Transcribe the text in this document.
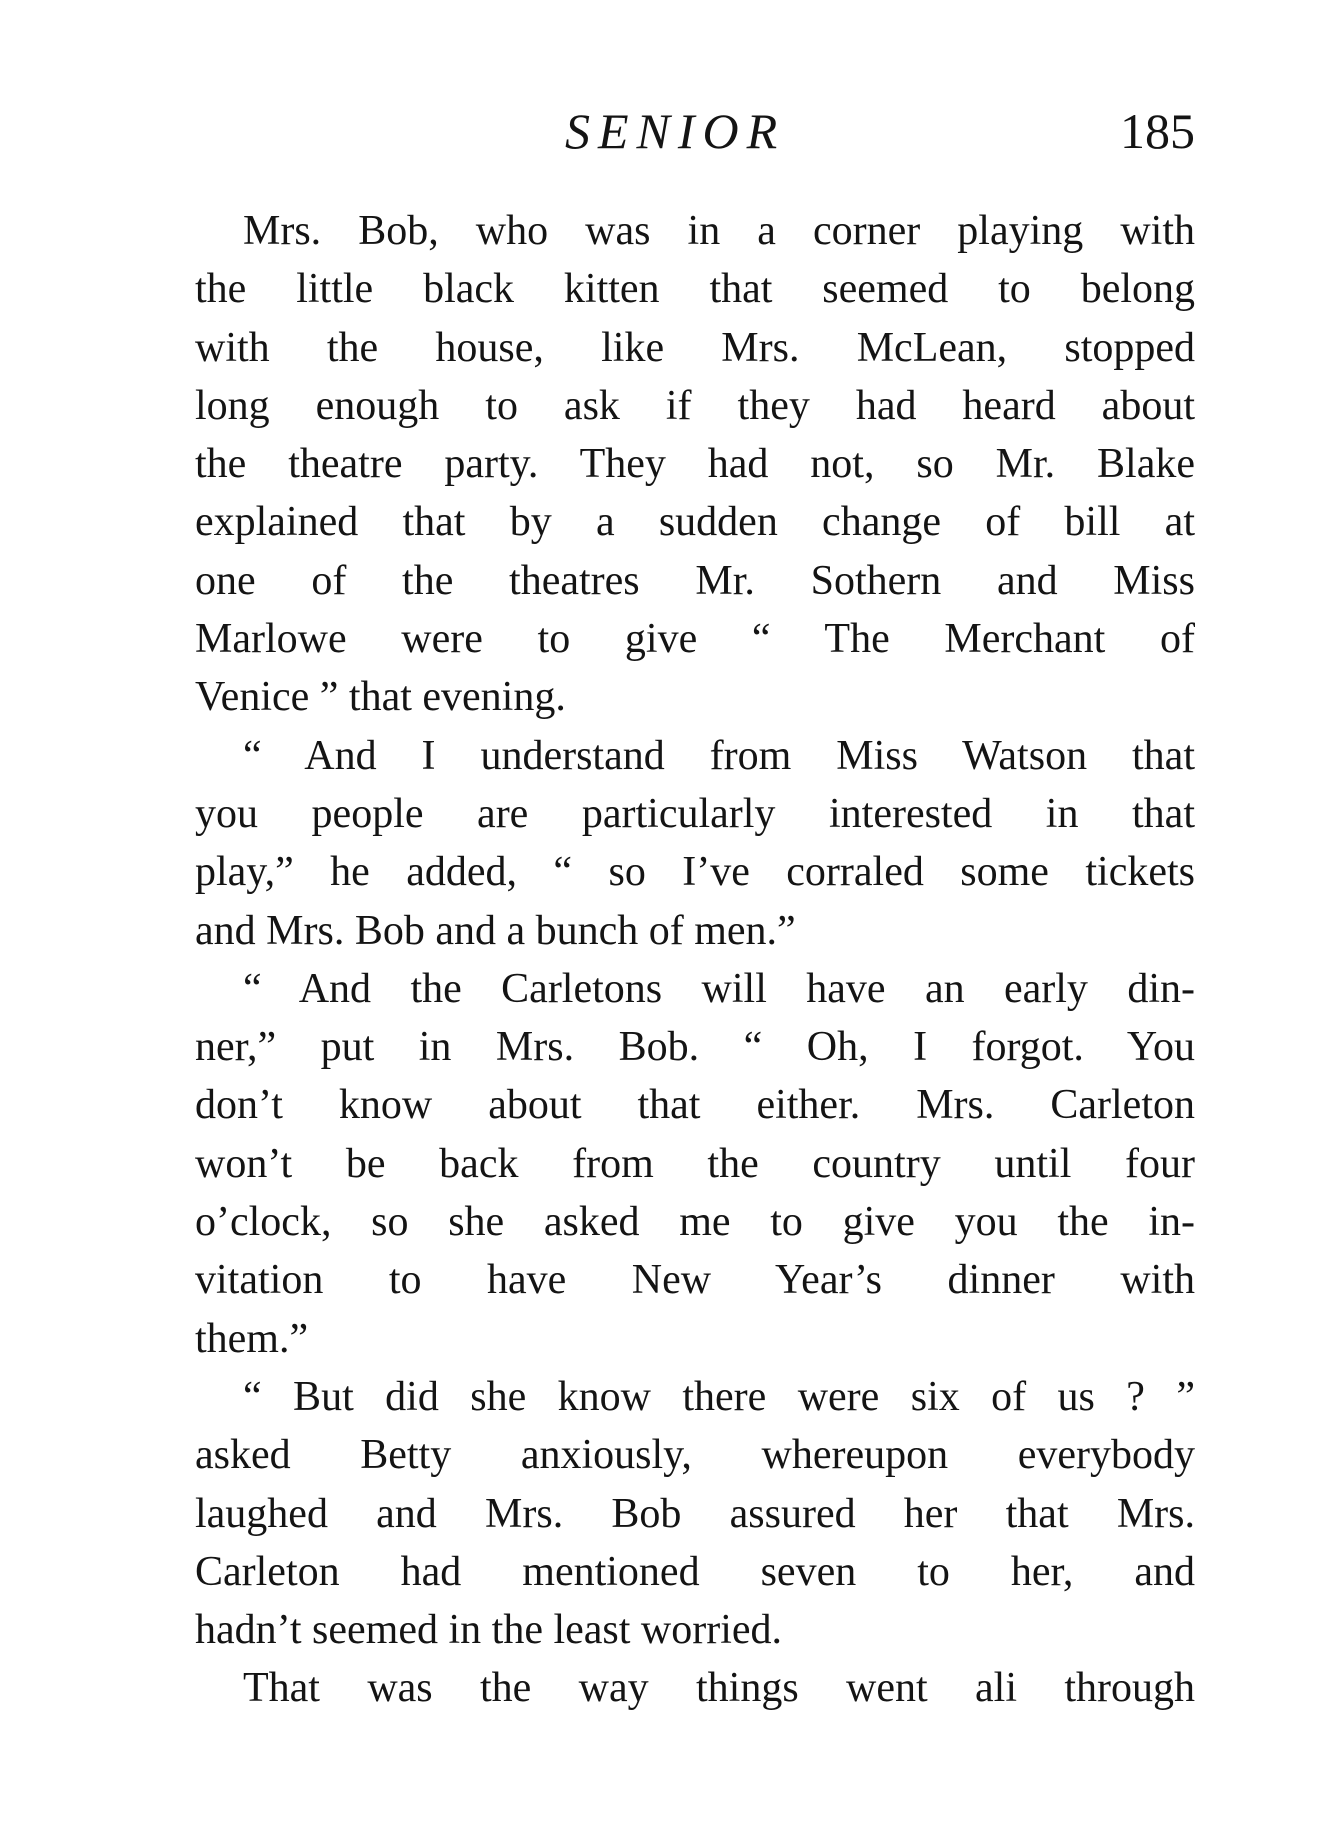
SENIOR	185
Mrs. Bob, who was in a corner playing with
the little black kitten that seemed to belong
with the house, like Mrs. McLean, stopped
long enough to ask if they had heard about
the theatre party. They had not, so Mr. Blake
explained that by a sudden change of bill at
one of the theatres Mr. Sothern and Miss
Marlowe were to give “ The Merchant of
Venice ” that evening.
“ And I understand from Miss Watson that
you people are particularly interested in that
play,” he added, “ so I’ve corraled some tickets
and Mrs. Bob and a bunch of men.”
“ And the Carletons will have an early din-
ner,” put in Mrs. Bob. “ Oh, I forgot. You
don’t know about that either. Mrs. Carleton
won’t be back from the country until four
o’clock, so she asked me to give you the in-
vitation to have New Year’s dinner with
them.”
“ But did she know there were six of us ? ”
asked Betty anxiously, whereupon everybody
laughed and Mrs. Bob assured her that Mrs.
Carleton had mentioned seven to her, and
hadn’t seemed in the least worried.
That was the way things went ali through
